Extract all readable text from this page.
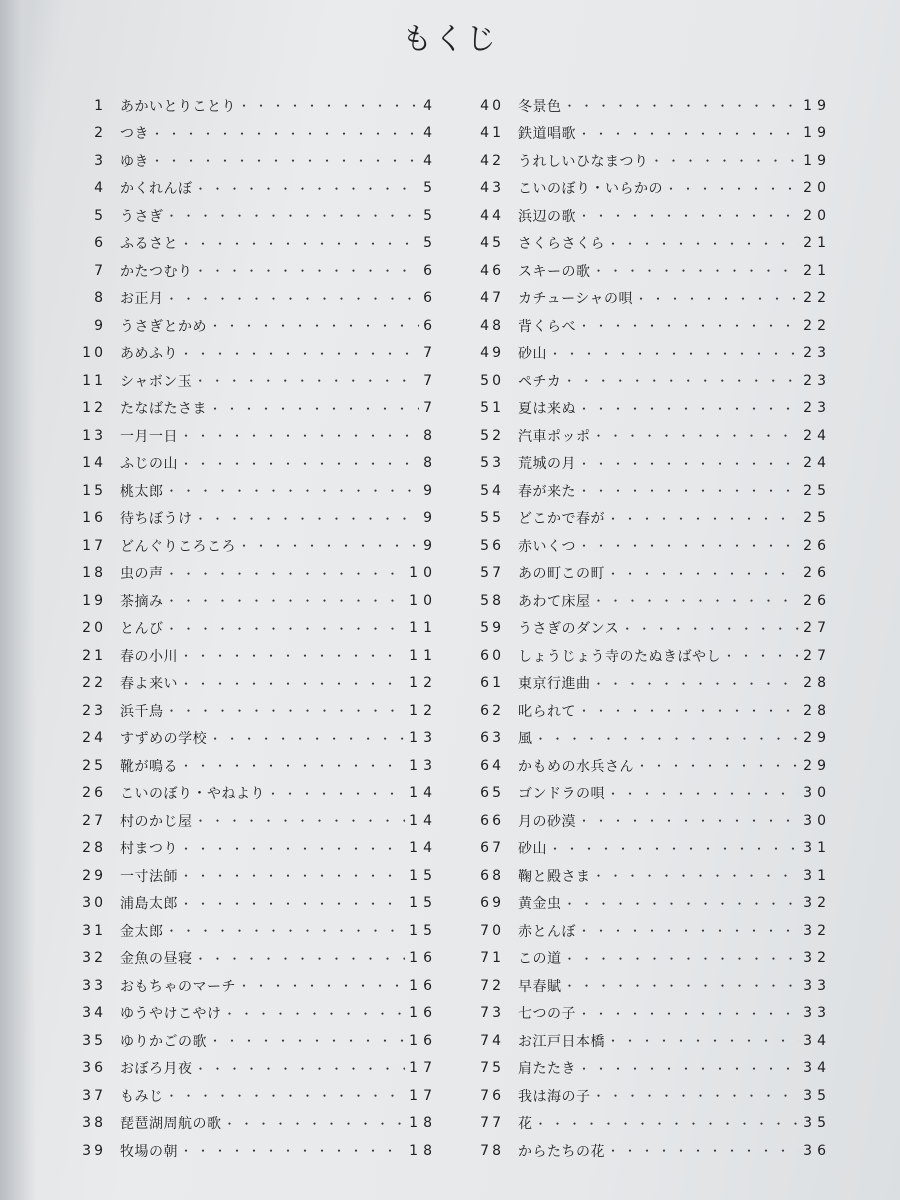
もくじ
1 あかいとりことり ・・・・・・・・・・・・・・・・・・・・・・・・・・・・・・・・・・・・	4
2 つき ・・・・・・・・・・・・・・・・・・・・・・・・・・・・・・・・・・・・	4
3 ゆき ・・・・・・・・・・・・・・・・・・・・・・・・・・・・・・・・・・・・	4
4 かくれんぼ ・・・・・・・・・・・・・・・・・・・・・・・・・・・・・・・・・・・・	5
5 うさぎ ・・・・・・・・・・・・・・・・・・・・・・・・・・・・・・・・・・・・	5
6 ふるさと ・・・・・・・・・・・・・・・・・・・・・・・・・・・・・・・・・・・・	5
7 かたつむり ・・・・・・・・・・・・・・・・・・・・・・・・・・・・・・・・・・・・	6
8 お正月 ・・・・・・・・・・・・・・・・・・・・・・・・・・・・・・・・・・・・	6
9 うさぎとかめ ・・・・・・・・・・・・・・・・・・・・・・・・・・・・・・・・・・・・	6
10 あめふり ・・・・・・・・・・・・・・・・・・・・・・・・・・・・・・・・・・・・	7
11 シャボン玉 ・・・・・・・・・・・・・・・・・・・・・・・・・・・・・・・・・・・・	7
12 たなばたさま ・・・・・・・・・・・・・・・・・・・・・・・・・・・・・・・・・・・・	7
13 一月一日 ・・・・・・・・・・・・・・・・・・・・・・・・・・・・・・・・・・・・	8
14 ふじの山 ・・・・・・・・・・・・・・・・・・・・・・・・・・・・・・・・・・・・	8
15 桃太郎 ・・・・・・・・・・・・・・・・・・・・・・・・・・・・・・・・・・・・	9
16 待ちぼうけ ・・・・・・・・・・・・・・・・・・・・・・・・・・・・・・・・・・・・	9
17 どんぐりころころ ・・・・・・・・・・・・・・・・・・・・・・・・・・・・・・・・・・・・	9
18 虫の声 ・・・・・・・・・・・・・・・・・・・・・・・・・・・・・・・・・・・・	10
19 茶摘み ・・・・・・・・・・・・・・・・・・・・・・・・・・・・・・・・・・・・	10
20 とんび ・・・・・・・・・・・・・・・・・・・・・・・・・・・・・・・・・・・・	11
21 春の小川 ・・・・・・・・・・・・・・・・・・・・・・・・・・・・・・・・・・・・	11
22 春よ来い ・・・・・・・・・・・・・・・・・・・・・・・・・・・・・・・・・・・・	12
23 浜千鳥 ・・・・・・・・・・・・・・・・・・・・・・・・・・・・・・・・・・・・	12
24 すずめの学校 ・・・・・・・・・・・・・・・・・・・・・・・・・・・・・・・・・・・・	13
25 靴が鳴る ・・・・・・・・・・・・・・・・・・・・・・・・・・・・・・・・・・・・	13
26 こいのぼり・やねより ・・・・・・・・・・・・・・・・・・・・・・・・・・・・・・・・・・・・	14
27 村のかじ屋 ・・・・・・・・・・・・・・・・・・・・・・・・・・・・・・・・・・・・	14
28 村まつり ・・・・・・・・・・・・・・・・・・・・・・・・・・・・・・・・・・・・	14
29 一寸法師 ・・・・・・・・・・・・・・・・・・・・・・・・・・・・・・・・・・・・	15
30 浦島太郎 ・・・・・・・・・・・・・・・・・・・・・・・・・・・・・・・・・・・・	15
31 金太郎 ・・・・・・・・・・・・・・・・・・・・・・・・・・・・・・・・・・・・	15
32 金魚の昼寝 ・・・・・・・・・・・・・・・・・・・・・・・・・・・・・・・・・・・・	16
33 おもちゃのマーチ ・・・・・・・・・・・・・・・・・・・・・・・・・・・・・・・・・・・・	16
34 ゆうやけこやけ ・・・・・・・・・・・・・・・・・・・・・・・・・・・・・・・・・・・・	16
35 ゆりかごの歌 ・・・・・・・・・・・・・・・・・・・・・・・・・・・・・・・・・・・・	16
36 おぼろ月夜 ・・・・・・・・・・・・・・・・・・・・・・・・・・・・・・・・・・・・	17
37 もみじ ・・・・・・・・・・・・・・・・・・・・・・・・・・・・・・・・・・・・	17
38 琵琶湖周航の歌 ・・・・・・・・・・・・・・・・・・・・・・・・・・・・・・・・・・・・	18
39 牧場の朝 ・・・・・・・・・・・・・・・・・・・・・・・・・・・・・・・・・・・・	18
40 冬景色 ・・・・・・・・・・・・・・・・・・・・・・・・・・・・・・・・・・・・	19
41 鉄道唱歌 ・・・・・・・・・・・・・・・・・・・・・・・・・・・・・・・・・・・・	19
42 うれしいひなまつり ・・・・・・・・・・・・・・・・・・・・・・・・・・・・・・・・・・・・	19
43 こいのぼり・いらかの ・・・・・・・・・・・・・・・・・・・・・・・・・・・・・・・・・・・・	20
44 浜辺の歌 ・・・・・・・・・・・・・・・・・・・・・・・・・・・・・・・・・・・・	20
45 さくらさくら ・・・・・・・・・・・・・・・・・・・・・・・・・・・・・・・・・・・・	21
46 スキーの歌 ・・・・・・・・・・・・・・・・・・・・・・・・・・・・・・・・・・・・	21
47 カチューシャの唄 ・・・・・・・・・・・・・・・・・・・・・・・・・・・・・・・・・・・・	22
48 背くらべ ・・・・・・・・・・・・・・・・・・・・・・・・・・・・・・・・・・・・	22
49 砂山 ・・・・・・・・・・・・・・・・・・・・・・・・・・・・・・・・・・・・	23
50 ペチカ ・・・・・・・・・・・・・・・・・・・・・・・・・・・・・・・・・・・・	23
51 夏は来ぬ ・・・・・・・・・・・・・・・・・・・・・・・・・・・・・・・・・・・・	23
52 汽車ポッポ ・・・・・・・・・・・・・・・・・・・・・・・・・・・・・・・・・・・・	24
53 荒城の月 ・・・・・・・・・・・・・・・・・・・・・・・・・・・・・・・・・・・・	24
54 春が来た ・・・・・・・・・・・・・・・・・・・・・・・・・・・・・・・・・・・・	25
55 どこかで春が ・・・・・・・・・・・・・・・・・・・・・・・・・・・・・・・・・・・・	25
56 赤いくつ ・・・・・・・・・・・・・・・・・・・・・・・・・・・・・・・・・・・・	26
57 あの町この町 ・・・・・・・・・・・・・・・・・・・・・・・・・・・・・・・・・・・・	26
58 あわて床屋 ・・・・・・・・・・・・・・・・・・・・・・・・・・・・・・・・・・・・	26
59 うさぎのダンス ・・・・・・・・・・・・・・・・・・・・・・・・・・・・・・・・・・・・	27
60 しょうじょう寺のたぬきばやし ・・・・・・・・・・・・・・・・・・・・・・・・・・・・・・・・・・・・	27
61 東京行進曲 ・・・・・・・・・・・・・・・・・・・・・・・・・・・・・・・・・・・・	28
62 叱られて ・・・・・・・・・・・・・・・・・・・・・・・・・・・・・・・・・・・・	28
63 風 ・・・・・・・・・・・・・・・・・・・・・・・・・・・・・・・・・・・・	29
64 かもめの水兵さん ・・・・・・・・・・・・・・・・・・・・・・・・・・・・・・・・・・・・	29
65 ゴンドラの唄 ・・・・・・・・・・・・・・・・・・・・・・・・・・・・・・・・・・・・	30
66 月の砂漠 ・・・・・・・・・・・・・・・・・・・・・・・・・・・・・・・・・・・・	30
67 砂山 ・・・・・・・・・・・・・・・・・・・・・・・・・・・・・・・・・・・・	31
68 鞠と殿さま ・・・・・・・・・・・・・・・・・・・・・・・・・・・・・・・・・・・・	31
69 黄金虫 ・・・・・・・・・・・・・・・・・・・・・・・・・・・・・・・・・・・・	32
70 赤とんぼ ・・・・・・・・・・・・・・・・・・・・・・・・・・・・・・・・・・・・	32
71 この道 ・・・・・・・・・・・・・・・・・・・・・・・・・・・・・・・・・・・・	32
72 早春賦 ・・・・・・・・・・・・・・・・・・・・・・・・・・・・・・・・・・・・	33
73 七つの子 ・・・・・・・・・・・・・・・・・・・・・・・・・・・・・・・・・・・・	33
74 お江戸日本橋 ・・・・・・・・・・・・・・・・・・・・・・・・・・・・・・・・・・・・	34
75 肩たたき ・・・・・・・・・・・・・・・・・・・・・・・・・・・・・・・・・・・・	34
76 我は海の子 ・・・・・・・・・・・・・・・・・・・・・・・・・・・・・・・・・・・・	35
77 花 ・・・・・・・・・・・・・・・・・・・・・・・・・・・・・・・・・・・・	35
78 からたちの花 ・・・・・・・・・・・・・・・・・・・・・・・・・・・・・・・・・・・・	36
